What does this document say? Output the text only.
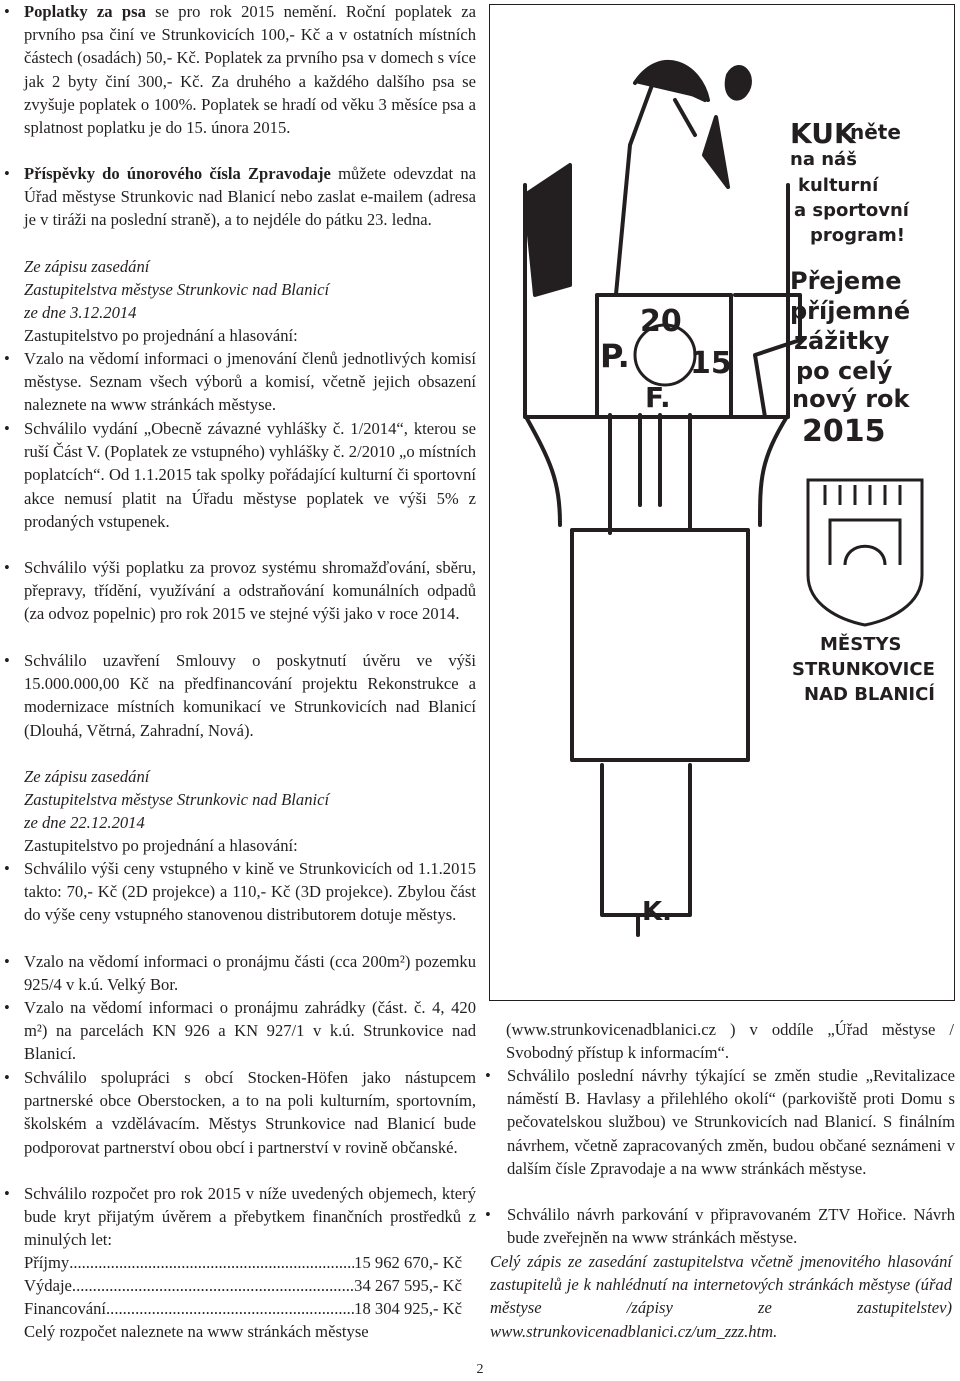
• Poplatky za psa se pro rok 2015 nemění. Roční poplatek za prvního psa činí ve Strunkovicích 100,- Kč a v ostatních místních částech (osadách) 50,- Kč. Poplatek za prvního psa v domech s více jak 2 byty činí 300,- Kč. Za druhého a každého dalšího psa se zvyšuje poplatek o 100%. Poplatek se hradí od věku 3 měsíce psa a splatnost poplatku je do 15. února 2015.
• Příspěvky do únorového čísla Zpravodaje můžete odevzdat na Úřad městyse Strunkovic nad Blanicí nebo zaslat e-mailem (adresa je v tiráži na poslední straně), a to nejdéle do pátku 23. ledna.
Ze zápisu zasedání
Zastupitelstva městyse Strunkovic nad Blanicí
ze dne 3.12.2014
Zastupitelstvo po projednání a hlasování:
• Vzalo na vědomí informaci o jmenování členů jednotlivých komisí městyse. Seznam všech výborů a komisí, včetně jejich obsazení naleznete na www stránkách městyse.
• Schválilo vydání „Obecně závazné vyhlášky č. 1/2014“, kterou se ruší Část V. (Poplatek ze vstupného) vyhlášky č. 2/2010 „o místních poplatcích“. Od 1.1.2015 tak spolky pořádající kulturní či sportovní akce nemusí platit na Úřadu městyse poplatek ve výši 5% z prodaných vstupenek.
• Schválilo výši poplatku za provoz systému shromažďování, sběru, přepravy, třídění, využívání a odstraňování komunálních odpadů (za odvoz popelnic) pro rok 2015 ve stejné výši jako v roce 2014.
• Schválilo uzavření Smlouvy o poskytnutí úvěru ve výši 15.000.000,00 Kč na předfinancování projektu Rekonstrukce a modernizace místních komunikací ve Strunkovicích nad Blanicí (Dlouhá, Větrná, Zahradní, Nová).
Ze zápisu zasedání
Zastupitelstva městyse Strunkovic nad Blanicí
ze dne 22.12.2014
Zastupitelstvo po projednání a hlasování:
• Schválilo výši ceny vstupného v kině ve Strunkovicích od 1.1.2015 takto: 70,- Kč (2D projekce) a 110,- Kč (3D projekce). Zbylou část do výše ceny vstupného stanovenou distributorem dotuje městys.
• Vzalo na vědomí informaci o pronájmu části (cca 200m²) pozemku 925/4 v k.ú. Velký Bor.
• Vzalo na vědomí informaci o pronájmu zahrádky (část. č. 4, 420 m²) na parcelách KN 926 a KN 927/1 v k.ú. Strunkovice nad Blanicí.
• Schválilo spolupráci s obcí Stocken-Höfen jako nástupcem partnerské obce Oberstocken, a to na poli kulturním, sportovním, školském a vzdělávacím. Městys Strunkovice nad Blanicí bude podporovat partnerství obou obcí i partnerství v rovině občanské.
• Schválilo rozpočet pro rok 2015 v níže uvedených objemech, který bude kryt přijatým úvěrem a přebytkem finančních prostředků z minulých let:
Příjmy .....	15 962 670,- Kč
Výdaje .....	34 267 595,- Kč
Financování .....	18 304 925,- Kč
Celý rozpočet naleznete na www stránkách městyse
20
P. 15
F.
KUK
něte
na náš
kulturní
a sportovní
program!
Přejeme
příjemné
zážitky
po celý
nový rok
2015
MĚSTYS
STRUNKOVICE
NAD BLANICÍ
K.
(www.strunkovicenadblanici.cz ) v oddíle „Úřad městyse / Svobodný přístup k informacím“.
• Schválilo poslední návrhy týkající se změn studie „Revitalizace náměstí B. Havlasy a přilehlého okolí“ (parkoviště proti Domu s pečovatelskou službou) ve Strunkovicích nad Blanicí. S finálním návrhem, včetně zapracovaných změn, budou občané seznámeni v dalším čísle Zpravodaje a na www stránkách městyse.
• Schválilo návrh parkování v připravovaném ZTV Hořice. Návrh bude zveřejněn na www stránkách městyse.
Celý zápis ze zasedání zastupitelstva včetně jmenovitého hlasování zastupitelů je k nahlédnutí na internetových stránkách městyse (úřad městyse /zápisy ze zastupitelstev) www.strunkovicenadblanici.cz/um_zzz.htm.
2
